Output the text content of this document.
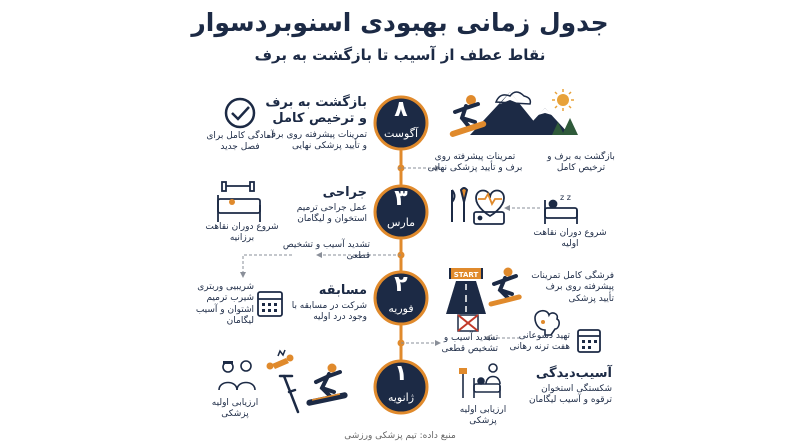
جدول زمانی بهبودی اسنوبردسوار
نقاط عطف از آسیب تا بازگشت به برف
z z
START
۸
آگوست
۳
مارس
۲
فوریه
۱
ژانویه
بازگشت به برف و ترخیص کامل
تمرینات پیشرفته روی برف و تأیید پزشکی نهایی
آمادگی کامل برای فصل جدید
تمرینات پیشرفته روی برف و تأیید پزشکی نهایی
بازگشت به برف و ترخیص کامل
جراحی
عمل جراحی ترمیم استخوان و لیگامان
شروع دوران نقاهت برزانیه
شروع دوران نقاهت اولیه
تشدید آسیب و تشخیص قطعی
مسابقه
شرکت در مسابقه با وجود درد اولیه
شریبیی وربتری شیرب ترمیم اشتوان و آسیب لیگامان
فرشگی کامل تمرینات پیشرفته روی برف تأیید پزشکی
تهید دسوعانی هفت ترنه رهانی
تشدید آسیب و تشخیص قطعی
آسیب‌دیدگی
شکستگی استخوان ترقوه و آسیب لیگامان
ارزیابی اولیه پزشکی	ارزیابی اولیه پزشکی
منبع داده: تیم پزشکی ورزشی
